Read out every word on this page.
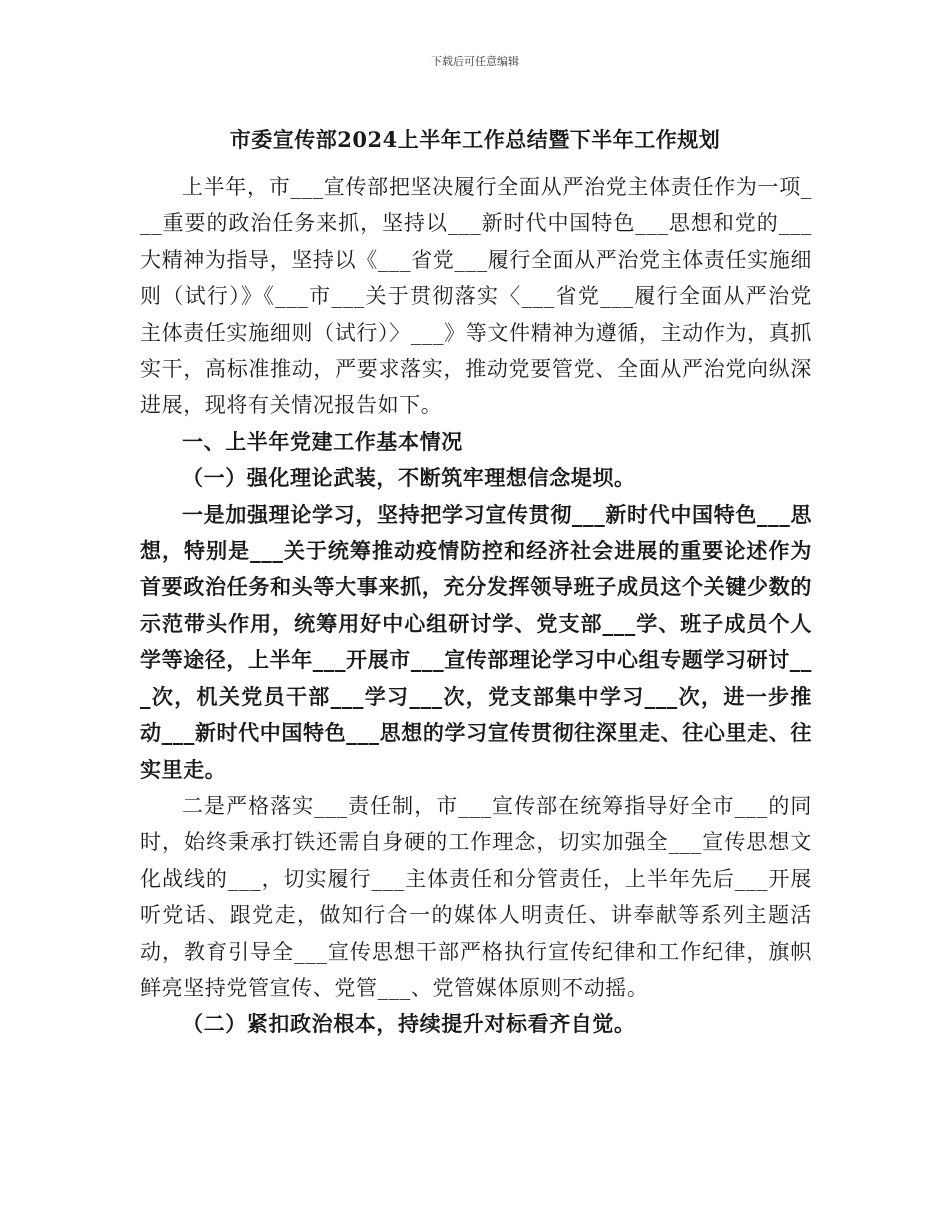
下载后可任意编辑
市委宣传部2024上半年工作总结暨下半年工作规划

上半年，市___宣传部把坚决履行全面从严治党主体责任作为一项___重要的政治任务来抓，坚持以___新时代中国特色___思想和党的___大精神为指导，坚持以《___省党___履行全面从严治党主体责任实施细则（试行）》《___市___关于贯彻落实〈___省党___履行全面从严治党主体责任实施细则（试行）〉___》等文件精神为遵循，主动作为，真抓实干，高标准推动，严要求落实，推动党要管党、全面从严治党向纵深进展，现将有关情况报告如下。

一、上半年党建工作基本情况

（一）强化理论武装，不断筑牢理想信念堤坝。

一是加强理论学习，坚持把学习宣传贯彻___新时代中国特色___思想，特别是___关于统筹推动疫情防控和经济社会进展的重要论述作为首要政治任务和头等大事来抓，充分发挥领导班子成员这个关键少数的示范带头作用，统筹用好中心组研讨学、党支部___学、班子成员个人学等途径，上半年___开展市___宣传部理论学习中心组专题学习研讨___次，机关党员干部___学习___次，党支部集中学习___次，进一步推动___新时代中国特色___思想的学习宣传贯彻往深里走、往心里走、往实里走。

二是严格落实___责任制，市___宣传部在统筹指导好全市___的同时，始终秉承打铁还需自身硬的工作理念，切实加强全___宣传思想文化战线的___，切实履行___主体责任和分管责任，上半年先后___开展听党话、跟党走，做知行合一的媒体人明责任、讲奉献等系列主题活动，教育引导全___宣传思想干部严格执行宣传纪律和工作纪律，旗帜鲜亮坚持党管宣传、党管___、党管媒体原则不动摇。

（二）紧扣政治根本，持续提升对标看齐自觉。
